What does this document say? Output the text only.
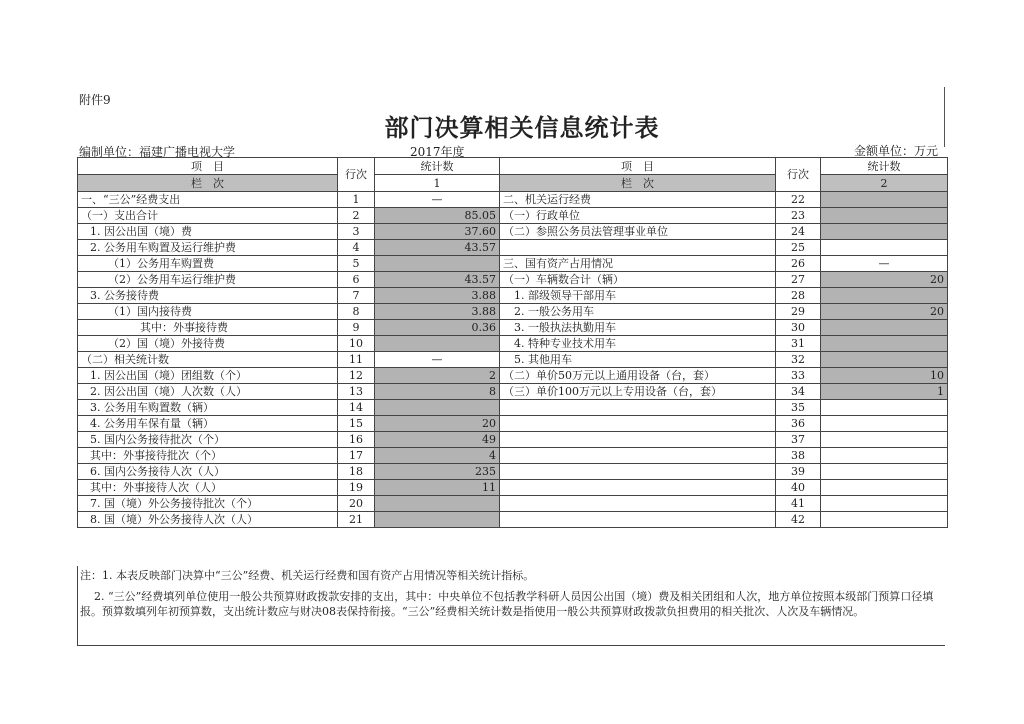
附件9
部门决算相关信息统计表
编制单位：福建广播电视大学	2017年度	金额单位：万元
项　目	行次	统计数	项　目	行次	统计数
栏　次		1	栏　次		2
一、“三公”经费支出	1	—	二、机关运行经费	22	
（一）支出合计	2	85.05	（一）行政单位	23	
1. 因公出国（境）费	3	37.60	（二）参照公务员法管理事业单位	24	
2. 公务用车购置及运行维护费	4	43.57		25	
（1）公务用车购置费	5		三、国有资产占用情况	26	—
（2）公务用车运行维护费	6	43.57	（一）车辆数合计（辆）	27	20
3. 公务接待费	7	3.88	1. 部级领导干部用车	28	
（1）国内接待费	8	3.88	2. 一般公务用车	29	20
其中：外事接待费	9	0.36	3. 一般执法执勤用车	30	
（2）国（境）外接待费	10		4. 特种专业技术用车	31	
（二）相关统计数	11	—	5. 其他用车	32	
1. 因公出国（境）团组数（个）	12	2	（二）单价50万元以上通用设备（台，套）	33	10
2. 因公出国（境）人次数（人）	13	8	（三）单价100万元以上专用设备（台，套）	34	1
3. 公务用车购置数（辆）	14			35	
4. 公务用车保有量（辆）	15	20		36	
5. 国内公务接待批次（个）	16	49		37	
其中：外事接待批次（个）	17	4		38	
6. 国内公务接待人次（人）	18	235		39	
其中：外事接待人次（人）	19	11		40	
7. 国（境）外公务接待批次（个）	20			41	
8. 国（境）外公务接待人次（人）	21			42	

注：1. 本表反映部门决算中“三公”经费、机关运行经费和国有资产占用情况等相关统计指标。

2. “三公”经费填列单位使用一般公共预算财政拨款安排的支出，其中：中央单位不包括教学科研人员因公出国（境）费及相关团组和人次，地方单位按照本级部门预算口径填报。预算数填列年初预算数，支出统计数应与财决08表保持衔接。“三公”经费相关统计数是指使用一般公共预算财政拨款负担费用的相关批次、人次及车辆情况。
